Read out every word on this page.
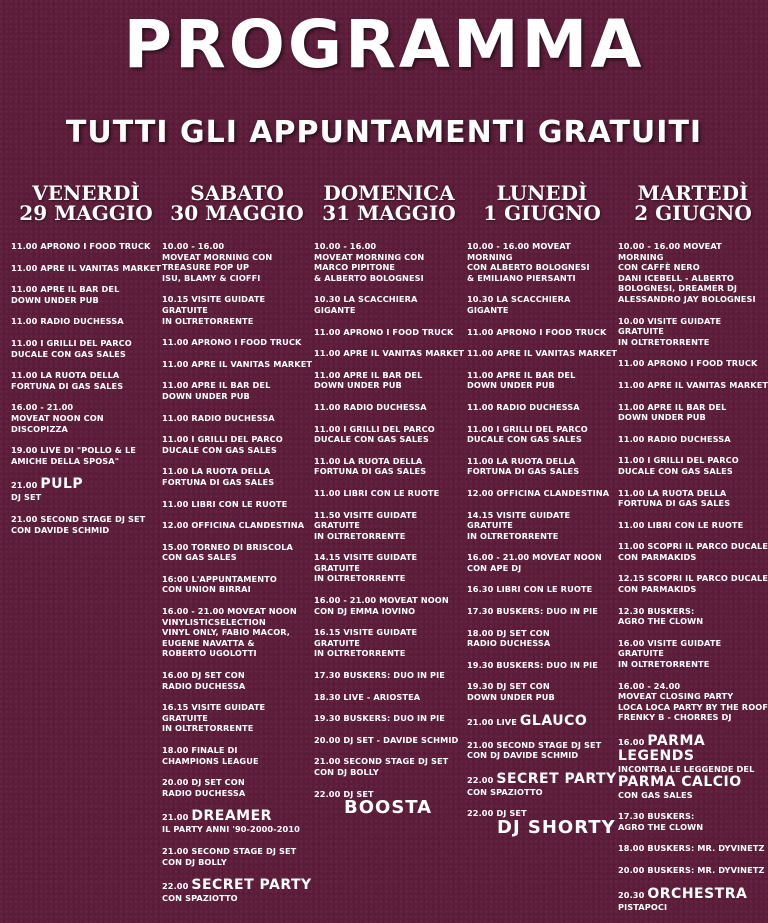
PROGRAMMA
TUTTI GLI APPUNTAMENTI GRATUITI
VENERDÌ
29 MAGGIO
11.00 APRONO I FOOD TRUCK
11.00 APRE IL VANITAS MARKET
11.00 APRE IL BAR DEL
DOWN UNDER PUB
11.00 RADIO DUCHESSA
11.00 I GRILLI DEL PARCO
DUCALE CON GAS SALES
11.00 LA RUOTA DELLA
FORTUNA DI GAS SALES
16.00 - 21.00
MOVEAT NOON CON
DISCOPIZZA
19.00 LIVE DI "POLLO & LE
AMICHE DELLA SPOSA"
21.00 PULP
DJ SET
21.00 SECOND STAGE DJ SET
CON DAVIDE SCHMID
SABATO
30 MAGGIO
10.00 - 16.00
MOVEAT MORNING CON
TREASURE POP UP
ISU, BLAMY & CIOFFI
10.15 VISITE GUIDATE GRATUITE
IN OLTRETORRENTE
11.00 APRONO I FOOD TRUCK
11.00 APRE IL VANITAS MARKET
11.00 APRE IL BAR DEL
DOWN UNDER PUB
11.00 RADIO DUCHESSA
11.00 I GRILLI DEL PARCO
DUCALE CON GAS SALES
11.00 LA RUOTA DELLA
FORTUNA DI GAS SALES
11.00 LIBRI CON LE RUOTE
12.00 OFFICINA CLANDESTINA
15.00 TORNEO DI BRISCOLA
CON GAS SALES
16:00 L'APPUNTAMENTO
CON UNION BIRRAI
16.00 - 21.00 MOVEAT NOON
VINYLISTICSELECTION
VINYL ONLY, FABIO MACOR,
EUGENE NAVATTA &
ROBERTO UGOLOTTI
16.00 DJ SET CON
RADIO DUCHESSA
16.15 VISITE GUIDATE GRATUITE
IN OLTRETORRENTE
18.00 FINALE DI
CHAMPIONS LEAGUE
20.00 DJ SET CON
RADIO DUCHESSA
21.00 DREAMER
IL PARTY ANNI '90-2000-2010
21.00 SECOND STAGE DJ SET
CON DJ BOLLY
22.00 SECRET PARTY
CON SPAZIOTTO
DOMENICA
31 MAGGIO
10.00 - 16.00
MOVEAT MORNING CON
MARCO PIPITONE
& ALBERTO BOLOGNESI
10.30 LA SCACCHIERA
GIGANTE
11.00 APRONO I FOOD TRUCK
11.00 APRE IL VANITAS MARKET
11.00 APRE IL BAR DEL
DOWN UNDER PUB
11.00 RADIO DUCHESSA
11.00 I GRILLI DEL PARCO
DUCALE CON GAS SALES
11.00 LA RUOTA DELLA
FORTUNA DI GAS SALES
11.00 LIBRI CON LE RUOTE
11.50 VISITE GUIDATE GRATUITE
IN OLTRETORRENTE
14.15 VISITE GUIDATE GRATUITE
IN OLTRETORRENTE
16.00 - 21.00 MOVEAT NOON
CON DJ EMMA IOVINO
16.15 VISITE GUIDATE GRATUITE
IN OLTRETORRENTE
17.30 BUSKERS: DUO IN PIE
18.30 LIVE - ARIOSTEA
19.30 BUSKERS: DUO IN PIE
20.00 DJ SET - DAVIDE SCHMID
21.00 SECOND STAGE DJ SET
CON DJ BOLLY
22.00 DJ SET
BOOSTA
LUNEDÌ
1 GIUGNO
10.00 - 16.00 MOVEAT MORNING
CON ALBERTO BOLOGNESI
& EMILIANO PIERSANTI
10.30 LA SCACCHIERA
GIGANTE
11.00 APRONO I FOOD TRUCK
11.00 APRE IL VANITAS MARKET
11.00 APRE IL BAR DEL
DOWN UNDER PUB
11.00 RADIO DUCHESSA
11.00 I GRILLI DEL PARCO
DUCALE CON GAS SALES
11.00 LA RUOTA DELLA
FORTUNA DI GAS SALES
12.00 OFFICINA CLANDESTINA
14.15 VISITE GUIDATE GRATUITE
IN OLTRETORRENTE
16.00 - 21.00 MOVEAT NOON
CON APE DJ
16.30 LIBRI CON LE RUOTE
17.30 BUSKERS: DUO IN PIE
18.00 DJ SET CON
RADIO DUCHESSA
19.30 BUSKERS: DUO IN PIE
19.30 DJ SET CON
DOWN UNDER PUB
21.00 LIVE GLAUCO
21.00 SECOND STAGE DJ SET
CON DJ DAVIDE SCHMID
22.00 SECRET PARTY
CON SPAZIOTTO
22.00 DJ SET
DJ SHORTY
MARTEDÌ
2 GIUGNO
10.00 - 16.00 MOVEAT MORNING
CON CAFFÈ NERO
DANI ICEBELL - ALBERTO
BOLOGNESI, DREAMER DJ
ALESSANDRO JAY BOLOGNESI
10.00 VISITE GUIDATE GRATUITE
IN OLTRETORRENTE
11.00 APRONO I FOOD TRUCK
11.00 APRE IL VANITAS MARKET
11.00 APRE IL BAR DEL
DOWN UNDER PUB
11.00 RADIO DUCHESSA
11.00 I GRILLI DEL PARCO
DUCALE CON GAS SALES
11.00 LA RUOTA DELLA
FORTUNA DI GAS SALES
11.00 LIBRI CON LE RUOTE
11.00 SCOPRI IL PARCO DUCALE
CON PARMAKIDS
12.15 SCOPRI IL PARCO DUCALE
CON PARMAKIDS
12.30 BUSKERS:
AGRO THE CLOWN
16.00 VISITE GUIDATE GRATUITE
IN OLTRETORRENTE
16.00 - 24.00
MOVEAT CLOSING PARTY
LOCA LOCA PARTY BY THE ROOF
FRENKY B - CHORRES DJ
16.00 PARMA LEGENDS
INCONTRA LE LEGGENDE DEL
PARMA CALCIO
CON GAS SALES
17.30 BUSKERS:
AGRO THE CLOWN
18.00 BUSKERS: MR. DYVINETZ
20.00 BUSKERS: MR. DYVINETZ
20.30 ORCHESTRA
PISTAPOCI
